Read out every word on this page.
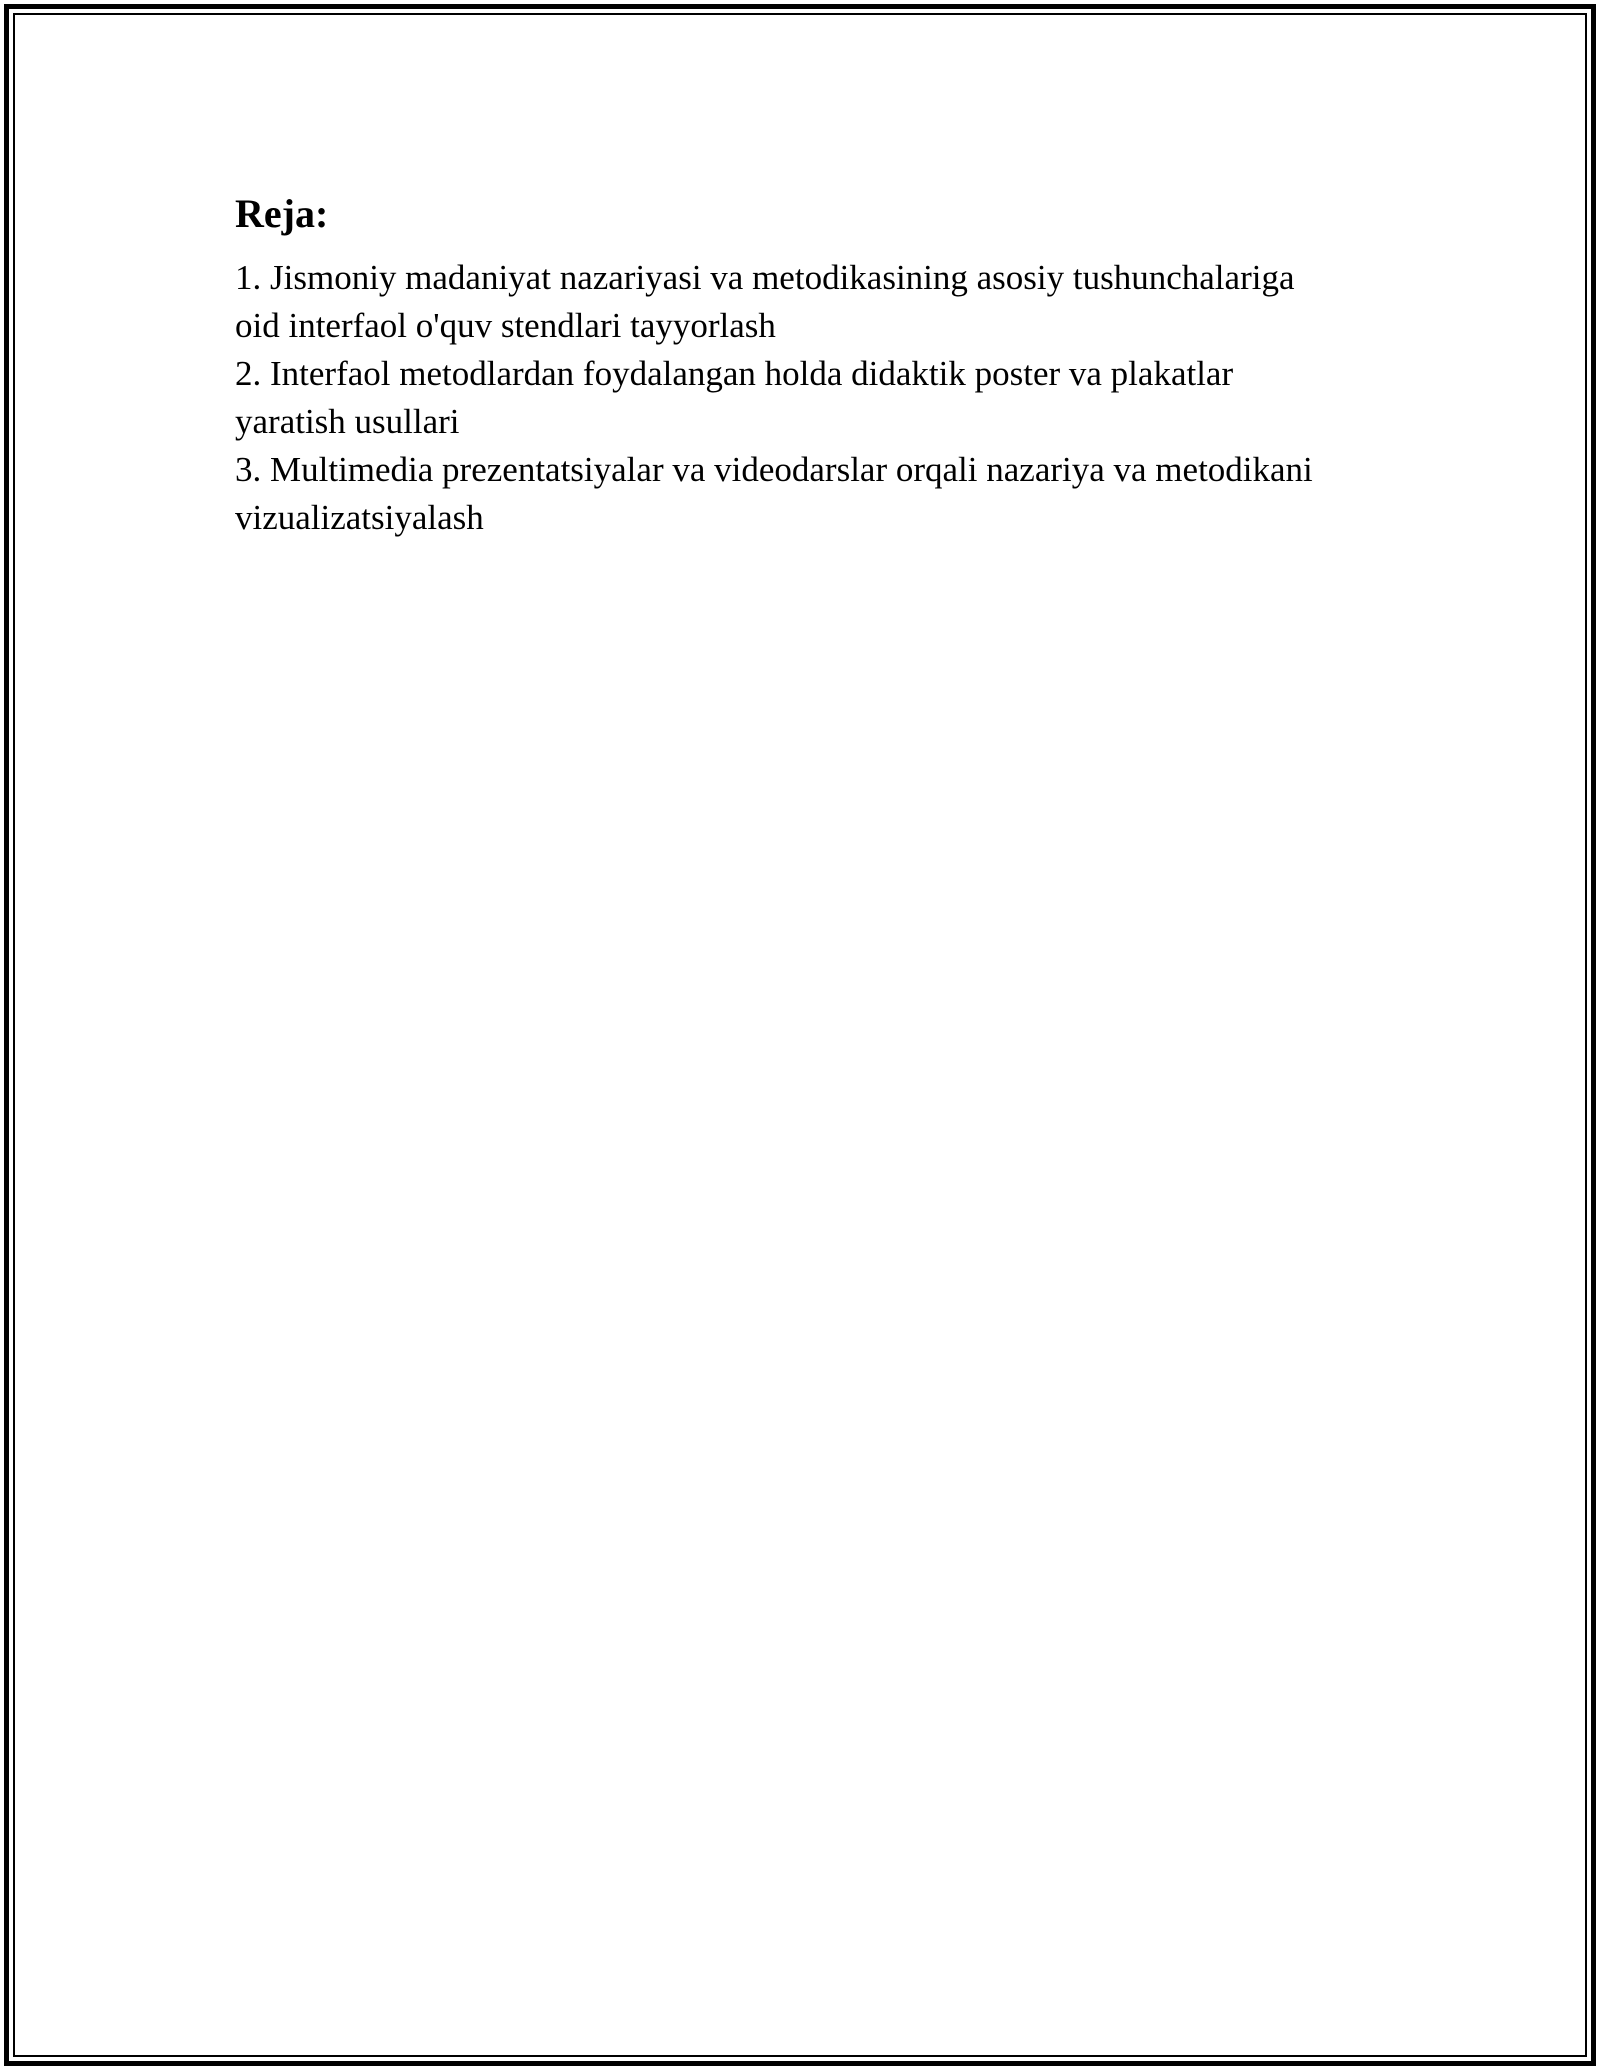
Reja:
1. Jismoniy madaniyat nazariyasi va metodikasining asosiy tushunchalariga
oid interfaol o'quv stendlari tayyorlash
2. Interfaol metodlardan foydalangan holda didaktik poster va plakatlar
yaratish usullari
3. Multimedia prezentatsiyalar va videodarslar orqali nazariya va metodikani
vizualizatsiyalash
